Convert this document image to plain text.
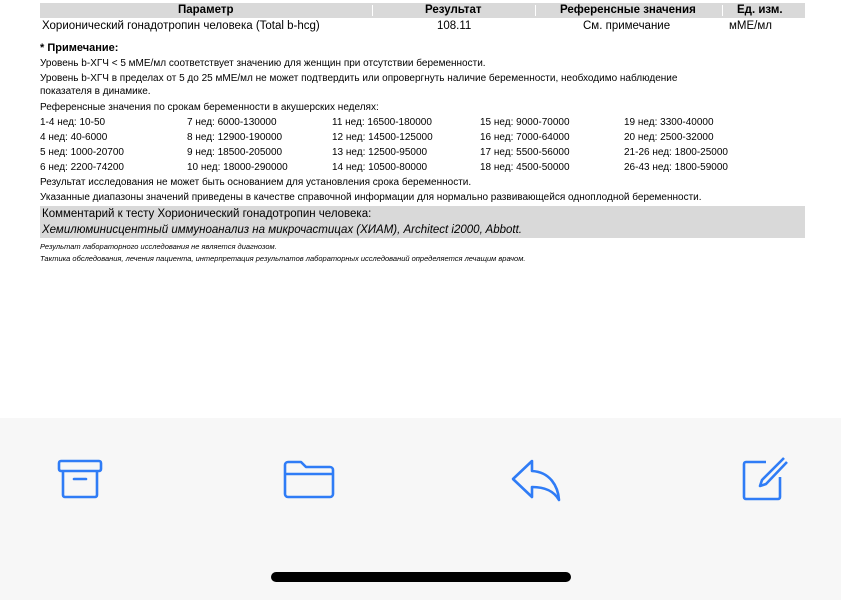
Параметр	Результат	Референсные значения	Ед. изм.
Хорионический гонадотропин человека (Total b-hcg)	108.11	См. примечание	мМЕ/мл
* Примечание:
Уровень b-ХГЧ < 5 мМЕ/мл соответствует значению для женщин при отсутствии беременности.
Уровень b-ХГЧ в пределах от 5 до 25 мМЕ/мл не может подтвердить или опровергнуть наличие беременности, необходимо наблюдение
показателя в динамике.
Референсные значения по срокам беременности в акушерских неделях:
1-4 нед: 10-50	7 нед: 6000-130000	11 нед: 16500-180000	15 нед: 9000-70000	19 нед: 3300-40000
4 нед: 40-6000	8 нед: 12900-190000	12 нед: 14500-125000	16 нед: 7000-64000	20 нед: 2500-32000
5 нед: 1000-20700	9 нед: 18500-205000	13 нед: 12500-95000	17 нед: 5500-56000	21-26 нед: 1800-25000
6 нед: 2200-74200	10 нед: 18000-290000	14 нед: 10500-80000	18 нед: 4500-50000	26-43 нед: 1800-59000
Результат исследования не может быть основанием для установления срока беременности.
Указанные диапазоны значений приведены в качестве справочной информации для нормально развивающейся одноплодной беременности.
Комментарий к тесту Хорионический гонадотропин человека:
Хемилюминисцентный иммуноанализ на микрочастицах (ХИАМ), Architect i2000, Abbott.
Результат лабораторного исследования не является диагнозом.
Тактика обследования, лечения пациента, интерпретация результатов лабораторных исследований определяется лечащим врачом.
